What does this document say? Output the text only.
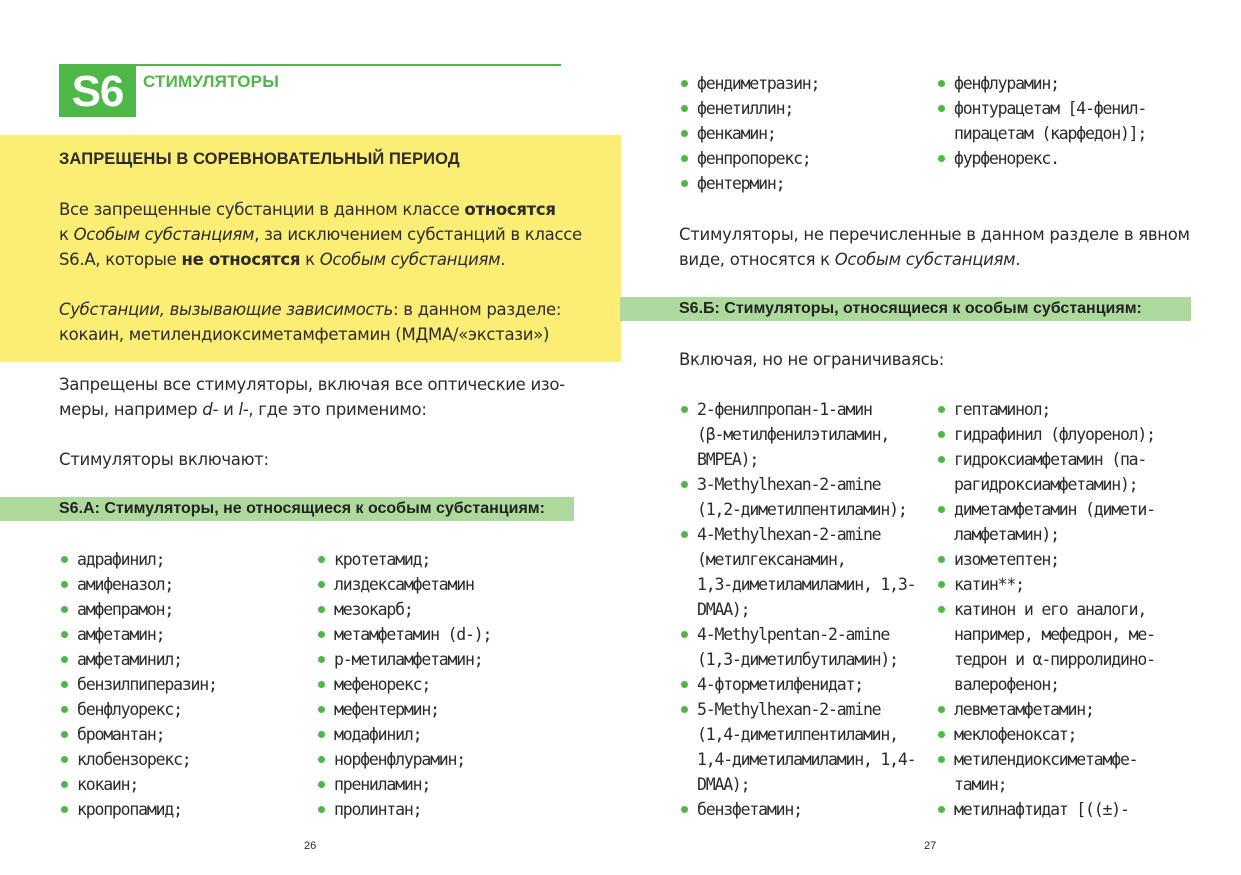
S6	СТИМУЛЯТОРЫ
ЗАПРЕЩЕНЫ В СОРЕВНОВАТЕЛЬНЫЙ ПЕРИОД
Все запрещенные субстанции в данном классе относятся
к Особым субстанциям, за исключением субстанций в классе
S6.А, которые не относятся к Особым субстанциям.
Субстанции, вызывающие зависимость: в данном разделе:
кокаин, метилендиоксиметамфетамин (МДМА/«экстази»)
Запрещены все стимуляторы, включая все оптические изо-
меры, например d- и l-, где это применимо:
Стимуляторы включают:
S6.A: Стимуляторы, не относящиеся к особым субстанциям:
адрафинил;
амифеназол;
амфепрамон;
амфетамин;
амфетаминил;
бензилпиперазин;
бенфлуорекс;
бромантан;
клобензорекс;
кокаин;
кропропамид;
кротетамид;
лиздексамфетамин
мезокарб;
метамфетамин (d-);
p-метиламфетамин;
мефенорекс;
мефентермин;
модафинил;
норфенфлурамин;
прениламин;
пролинтан;
26
фендиметразин;
фенетиллин;
фенкамин;
фенпропорекс;
фентермин;
фенфлурамин;
фонтурацетам [4-фенил-
пирацетам (карфедон)];
фурфенорекс.
Стимуляторы, не перечисленные в данном разделе в явном
виде, относятся к Особым субстанциям.
S6.Б: Стимуляторы, относящиеся к особым субстанциям:
Включая, но не ограничиваясь:
2-фенилпропан-1-амин
(β-метилфенилэтиламин,
BMPEA);
3-Methylhexan-2-amine
(1,2-диметилпентиламин);
4-Methylhexan-2-amine
(метилгексанамин,
1,3-диметиламиламин, 1,3-
DMAA);
4-Methylpentan-2-amine
(1,3-диметилбутиламин);
4-фторметилфенидат;
5-Methylhexan-2-amine
(1,4-диметилпентиламин,
1,4-диметиламиламин, 1,4-
DMAA);
бензфетамин;
гептаминол;
гидрафинил (флуоренол);
гидроксиамфетамин (па-
рагидроксиамфетамин);
диметамфетамин (димети-
ламфетамин);
изометептен;
катин**;
катинон и его аналоги,
например, мефедрон, ме-
тедрон и α-пирролидино-
валерофенон;
левметамфетамин;
меклофеноксат;
метилендиоксиметамфе-
тамин;
метилнафтидат [((±)-
27
